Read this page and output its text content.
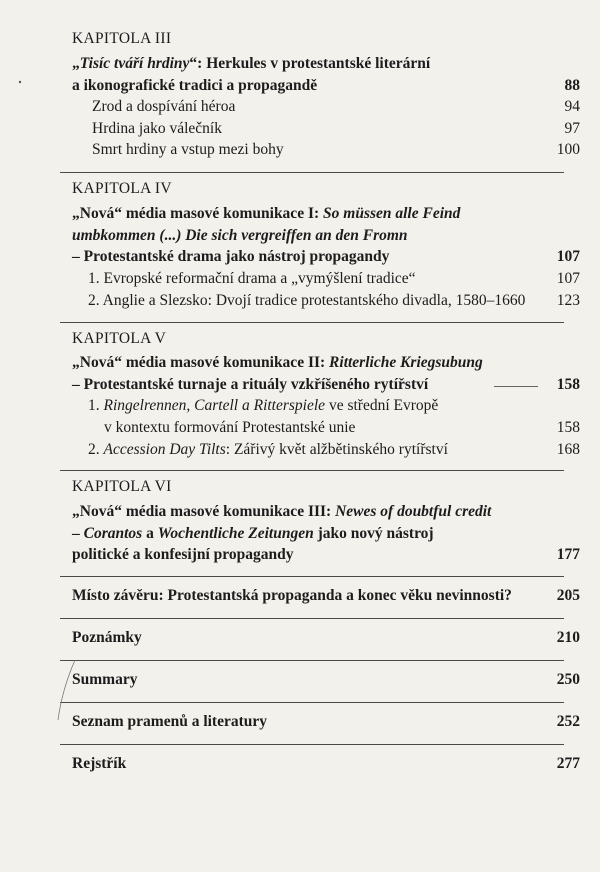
KAPITOLA III
„Tisíc tváří hrdiny“: Herkules v protestantské literární
a ikonografické tradici a propagandě	88
Zrod a dospívání héroa	94
Hrdina jako válečník	97
Smrt hrdiny a vstup mezi bohy	100
KAPITOLA IV
„Nová“ média masové komunikace I: So müssen alle Feind
umbkommen (...) Die sich vergreiffen an den Fromn
– Protestantské drama jako nástroj propagandy	107
1. Evropské reformační drama a „vymýšlení tradice“	107
2. Anglie a Slezsko: Dvojí tradice protestantského divadla, 1580–1660	123
KAPITOLA V
„Nová“ média masové komunikace II: Ritterliche Kriegsubung
– Protestantské turnaje a rituály vzkříšeného rytířství	158
1. Ringelrennen, Cartell a Ritterspiele ve střední Evropě
v kontextu formování Protestantské unie	158
2. Accession Day Tilts: Zářivý květ alžbětinského rytířství	168
KAPITOLA VI
„Nová“ média masové komunikace III: Newes of doubtful credit
– Corantos a Wochentliche Zeitungen jako nový nástroj
politické a konfesijní propagandy	177
Místo závěru: Protestantská propaganda a konec věku nevinnosti?	205
Poznámky	210
Summary	250
Seznam pramenů a literatury	252
Rejstřík	277
